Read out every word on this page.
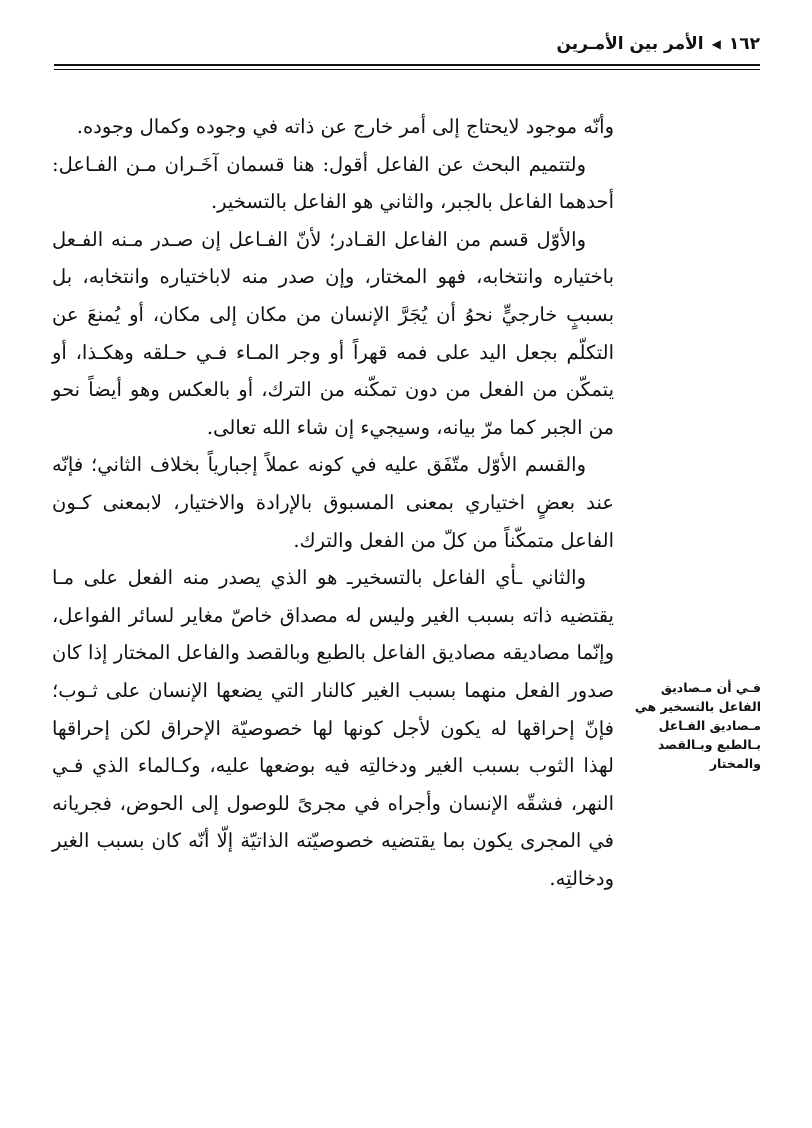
١٦٢
◀
الأمر بين الأمـرين

وأنّه موجود لايحتاج إلى أمر خارج عن ذاته في وجوده وكمال وجوده.

ولتتميم البحث عن الفاعل أقول: هنا قسمان آخَـران مـن الفـاعل: أحدهما الفاعل بالجبر، والثاني هو الفاعل بالتسخير.

والأوّل قسم من الفاعل القـادر؛ لأنّ الفـاعل إن صـدر مـنه الفـعل باختياره وانتخابه، فهو المختار، وإن صدر منه لاباختياره وانتخابه، بل بسببٍ خارجيٍّ نحوُ أن يُجَرَّ الإنسان من مكان إلى مكان، أو يُمنعَ عن التكلّم بجعل اليد على فمه قهراً أو وجر المـاء فـي حـلقه وهكـذا، أو يتمكّن من الفعل من دون تمكّنه من الترك، أو بالعكس وهو أيضاً نحو من الجبر كما مرّ بيانه، وسيجيء إن شاء الله تعالى.

والقسم الأوّل متّفَق عليه في كونه عملاً إجبارياً بخلاف الثاني؛ فإنّه عند بعضٍ اختياري بمعنى المسبوق بالإرادة والاختيار، لابمعنى كـون الفاعل متمكّناً من كلّ من الفعل والترك.

والثاني ـأي الفاعل بالتسخيرـ هو الذي يصدر منه الفعل على مـا يقتضيه ذاته بسبب الغير وليس له مصداق خاصّ مغاير لسائر الفواعل، وإنّما مصاديقه مصاديق الفاعل بالطبع وبالقصد والفاعل المختار إذا كان صدور الفعل منهما بسبب الغير كالنار التي يضعها الإنسان على ثـوب؛ فإنّ إحراقها له يكون لأجل كونها لها خصوصيّة الإحراق لكن إحراقها لهذا الثوب بسبب الغير ودخالتِه فيه بوضعها عليه، وكـالماء الذي فـي النهر، فشقّه الإنسان وأجراه في مجرىً للوصول إلى الحوض، فجريانه في المجرى يكون بما يقتضيه خصوصيّته الذاتيّة إلّا أنّه كان بسبب الغير ودخالتِه.

فـي أن مـصاديق الفاعل بالتسخير هي مـصاديق الفـاعل بـالطبع وبـالقصد والمختار
